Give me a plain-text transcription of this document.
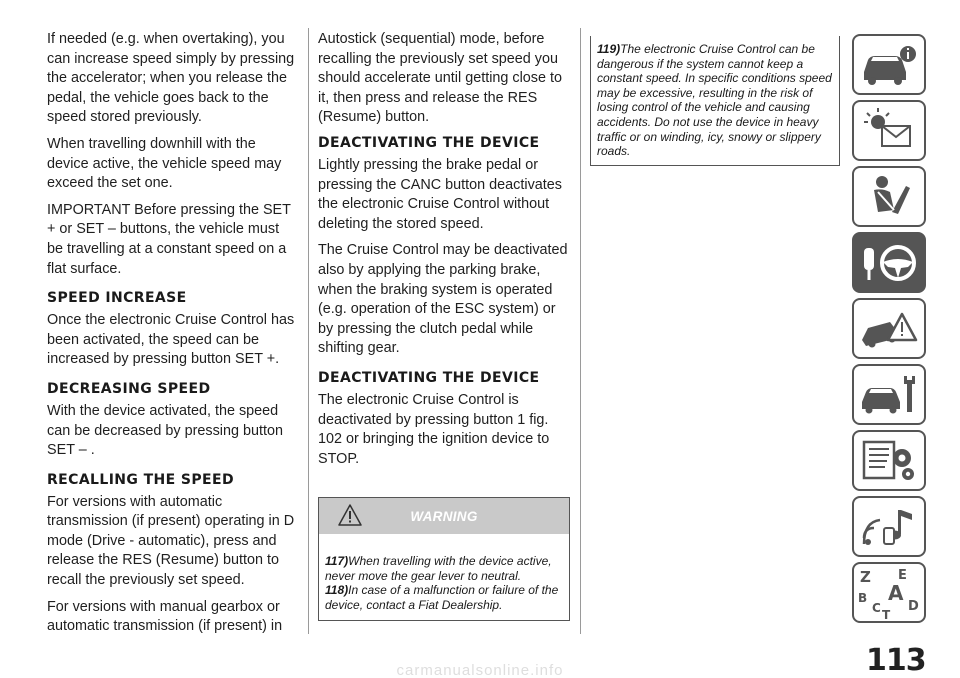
If needed (e.g. when overtaking), you can increase speed simply by pressing the accelerator; when you release the pedal, the vehicle goes back to the speed stored previously.

When travelling downhill with the device active, the vehicle speed may exceed the set one.

IMPORTANT Before pressing the SET + or SET – buttons, the vehicle must be travelling at a constant speed on a flat surface.

SPEED INCREASE

Once the electronic Cruise Control has been activated, the speed can be increased by pressing button SET +.

DECREASING SPEED

With the device activated, the speed can be decreased by pressing button SET – .

RECALLING THE SPEED

For versions with automatic transmission (if present) operating in D mode (Drive - automatic), press and release the RES (Resume) button to recall the previously set speed.

For versions with manual gearbox or automatic transmission (if present) in

Autostick (sequential) mode, before recalling the previously set speed you should accelerate until getting close to it, then press and release the RES (Resume) button.

DEACTIVATING THE DEVICE

Lightly pressing the brake pedal or pressing the CANC button deactivates the electronic Cruise Control without deleting the stored speed.

The Cruise Control may be deactivated also by applying the parking brake, when the braking system is operated (e.g. operation of the ESC system) or by pressing the clutch pedal while shifting gear.

DEACTIVATING THE DEVICE

The electronic Cruise Control is deactivated by pressing button 1 fig. 102 or bringing the ignition device to STOP.

WARNING

117)When travelling with the device active, never move the gear lever to neutral.

118)In case of a malfunction or failure of the device, contact a Fiat Dealership.

119)The electronic Cruise Control can be dangerous if the system cannot keep a constant speed. In specific conditions speed may be excessive, resulting in the risk of losing control of the vehicle and causing accidents. Do not use the device in heavy traffic or on winding, icy, snowy or slippery roads.

Z E
A
B
C D
T
113
carmanualsonline.info
